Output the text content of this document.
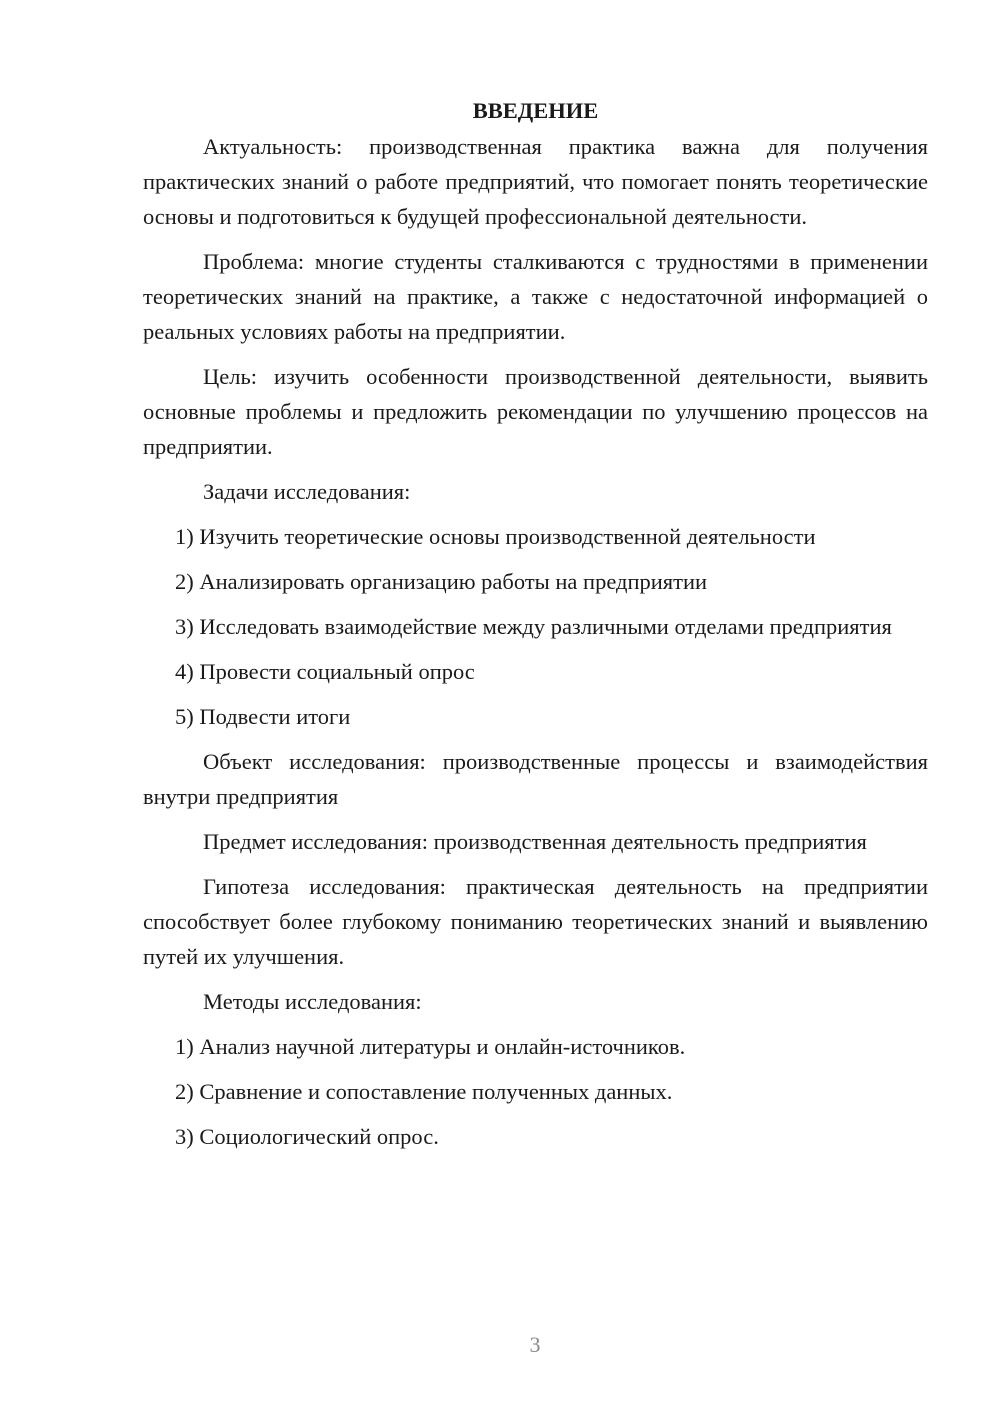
ВВЕДЕНИЕ

Актуальность: производственная практика важна для получения практических знаний о работе предприятий, что помогает понять теоретические основы и подготовиться к будущей профессиональной деятельности.

Проблема: многие студенты сталкиваются с трудностями в применении теоретических знаний на практике, а также с недостаточной информацией о реальных условиях работы на предприятии.

Цель: изучить особенности производственной деятельности, выявить основные проблемы и предложить рекомендации по улучшению процессов на предприятии.

Задачи исследования:

1) Изучить теоретические основы производственной деятельности

2) Анализировать организацию работы на предприятии

3) Исследовать взаимодействие между различными отделами предприятия

4) Провести социальный опрос

5) Подвести итоги

Объект исследования: производственные процессы и взаимодействия внутри предприятия

Предмет исследования: производственная деятельность предприятия

Гипотеза исследования: практическая деятельность на предприятии способствует более глубокому пониманию теоретических знаний и выявлению путей их улучшения.

Методы исследования:

1) Анализ научной литературы и онлайн-источников.

2) Сравнение и сопоставление полученных данных.

3) Социологический опрос.

3
